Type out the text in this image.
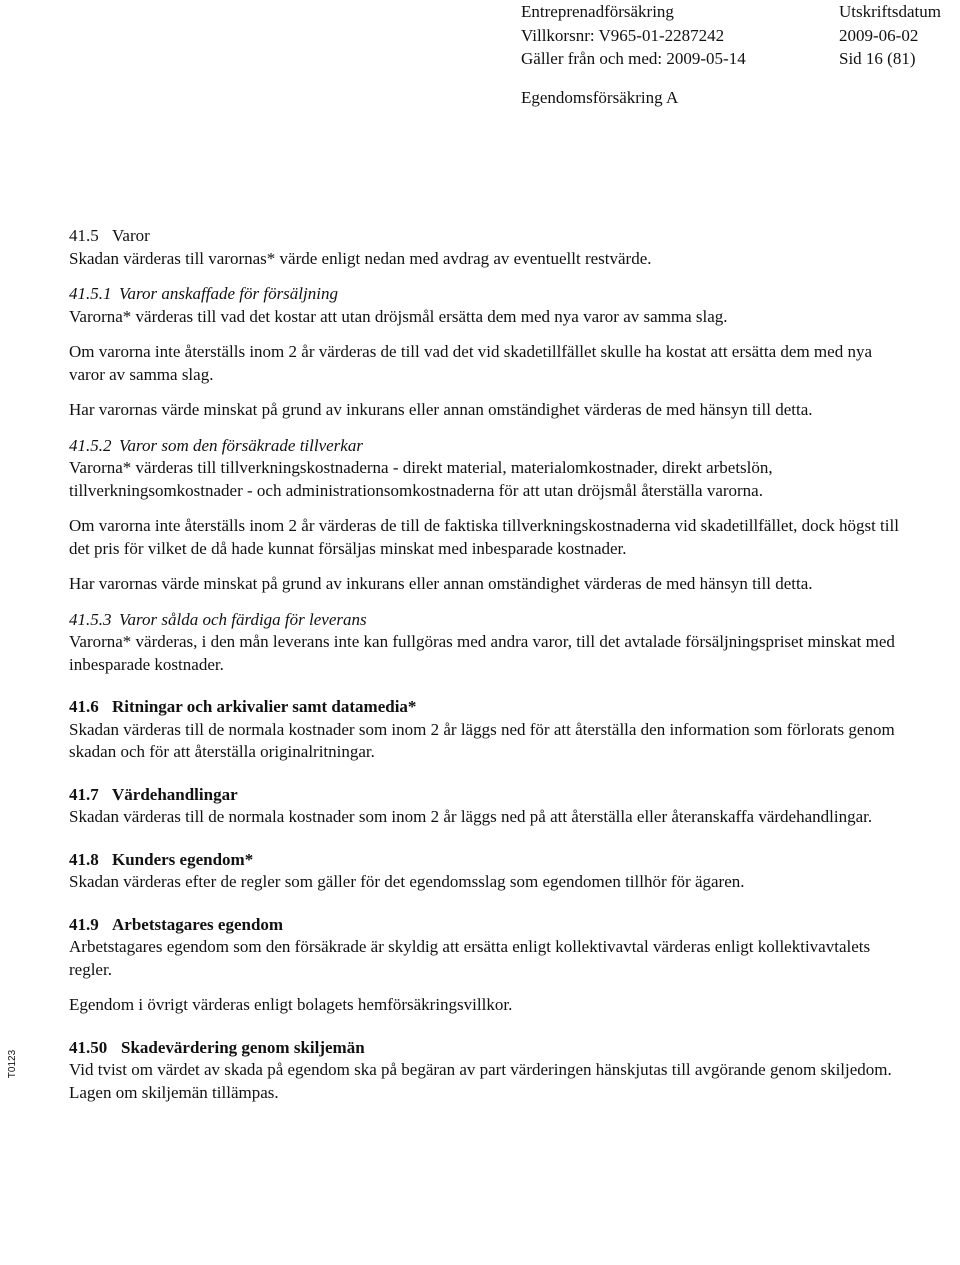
Entreprenadförsäkring	Utskriftsdatum
Villkorsnr: V965-01-2287242	2009-06-02
Gäller från och med: 2009-05-14	Sid 16 (81)
Egendomsförsäkring A
T0123
41.5 Varor
Skadan värderas till varornas* värde enligt nedan med avdrag av eventuellt restvärde.
41.5.1 Varor anskaffade för försäljning
Varorna* värderas till vad det kostar att utan dröjsmål ersätta dem med nya varor av samma slag.
Om varorna inte återställs inom 2 år värderas de till vad det vid skadetillfället skulle ha kostat att ersätta dem med nya varor av samma slag.
Har varornas värde minskat på grund av inkurans eller annan omständighet värderas de med hänsyn till detta.
41.5.2 Varor som den försäkrade tillverkar
Varorna* värderas till tillverkningskostnaderna - direkt material, materialomkostnader, direkt arbetslön, tillverkningsomkostnader - och administrationsomkostnaderna för att utan dröjsmål återställa varorna.
Om varorna inte återställs inom 2 år värderas de till de faktiska tillverkningskostnaderna vid skadetillfället, dock högst till det pris för vilket de då hade kunnat försäljas minskat med inbesparade kostnader.
Har varornas värde minskat på grund av inkurans eller annan omständighet värderas de med hänsyn till detta.
41.5.3 Varor sålda och färdiga för leverans
Varorna* värderas, i den mån leverans inte kan fullgöras med andra varor, till det avtalade försäljningspriset minskat med inbesparade kostnader.
41.6 Ritningar och arkivalier samt datamedia*
Skadan värderas till de normala kostnader som inom 2 år läggs ned för att återställa den information som förlorats genom skadan och för att återställa originalritningar.
41.7 Värdehandlingar
Skadan värderas till de normala kostnader som inom 2 år läggs ned på att återställa eller återanskaffa värdehandlingar.
41.8 Kunders egendom*
Skadan värderas efter de regler som gäller för det egendomsslag som egendomen tillhör för ägaren.
41.9 Arbetstagares egendom
Arbetstagares egendom som den försäkrade är skyldig att ersätta enligt kollektivavtal värderas enligt kollektivavtalets regler.
Egendom i övrigt värderas enligt bolagets hemförsäkringsvillkor.
41.50 Skadevärdering genom skiljemän
Vid tvist om värdet av skada på egendom ska på begäran av part värderingen hänskjutas till avgörande genom skiljedom. Lagen om skiljemän tillämpas.
